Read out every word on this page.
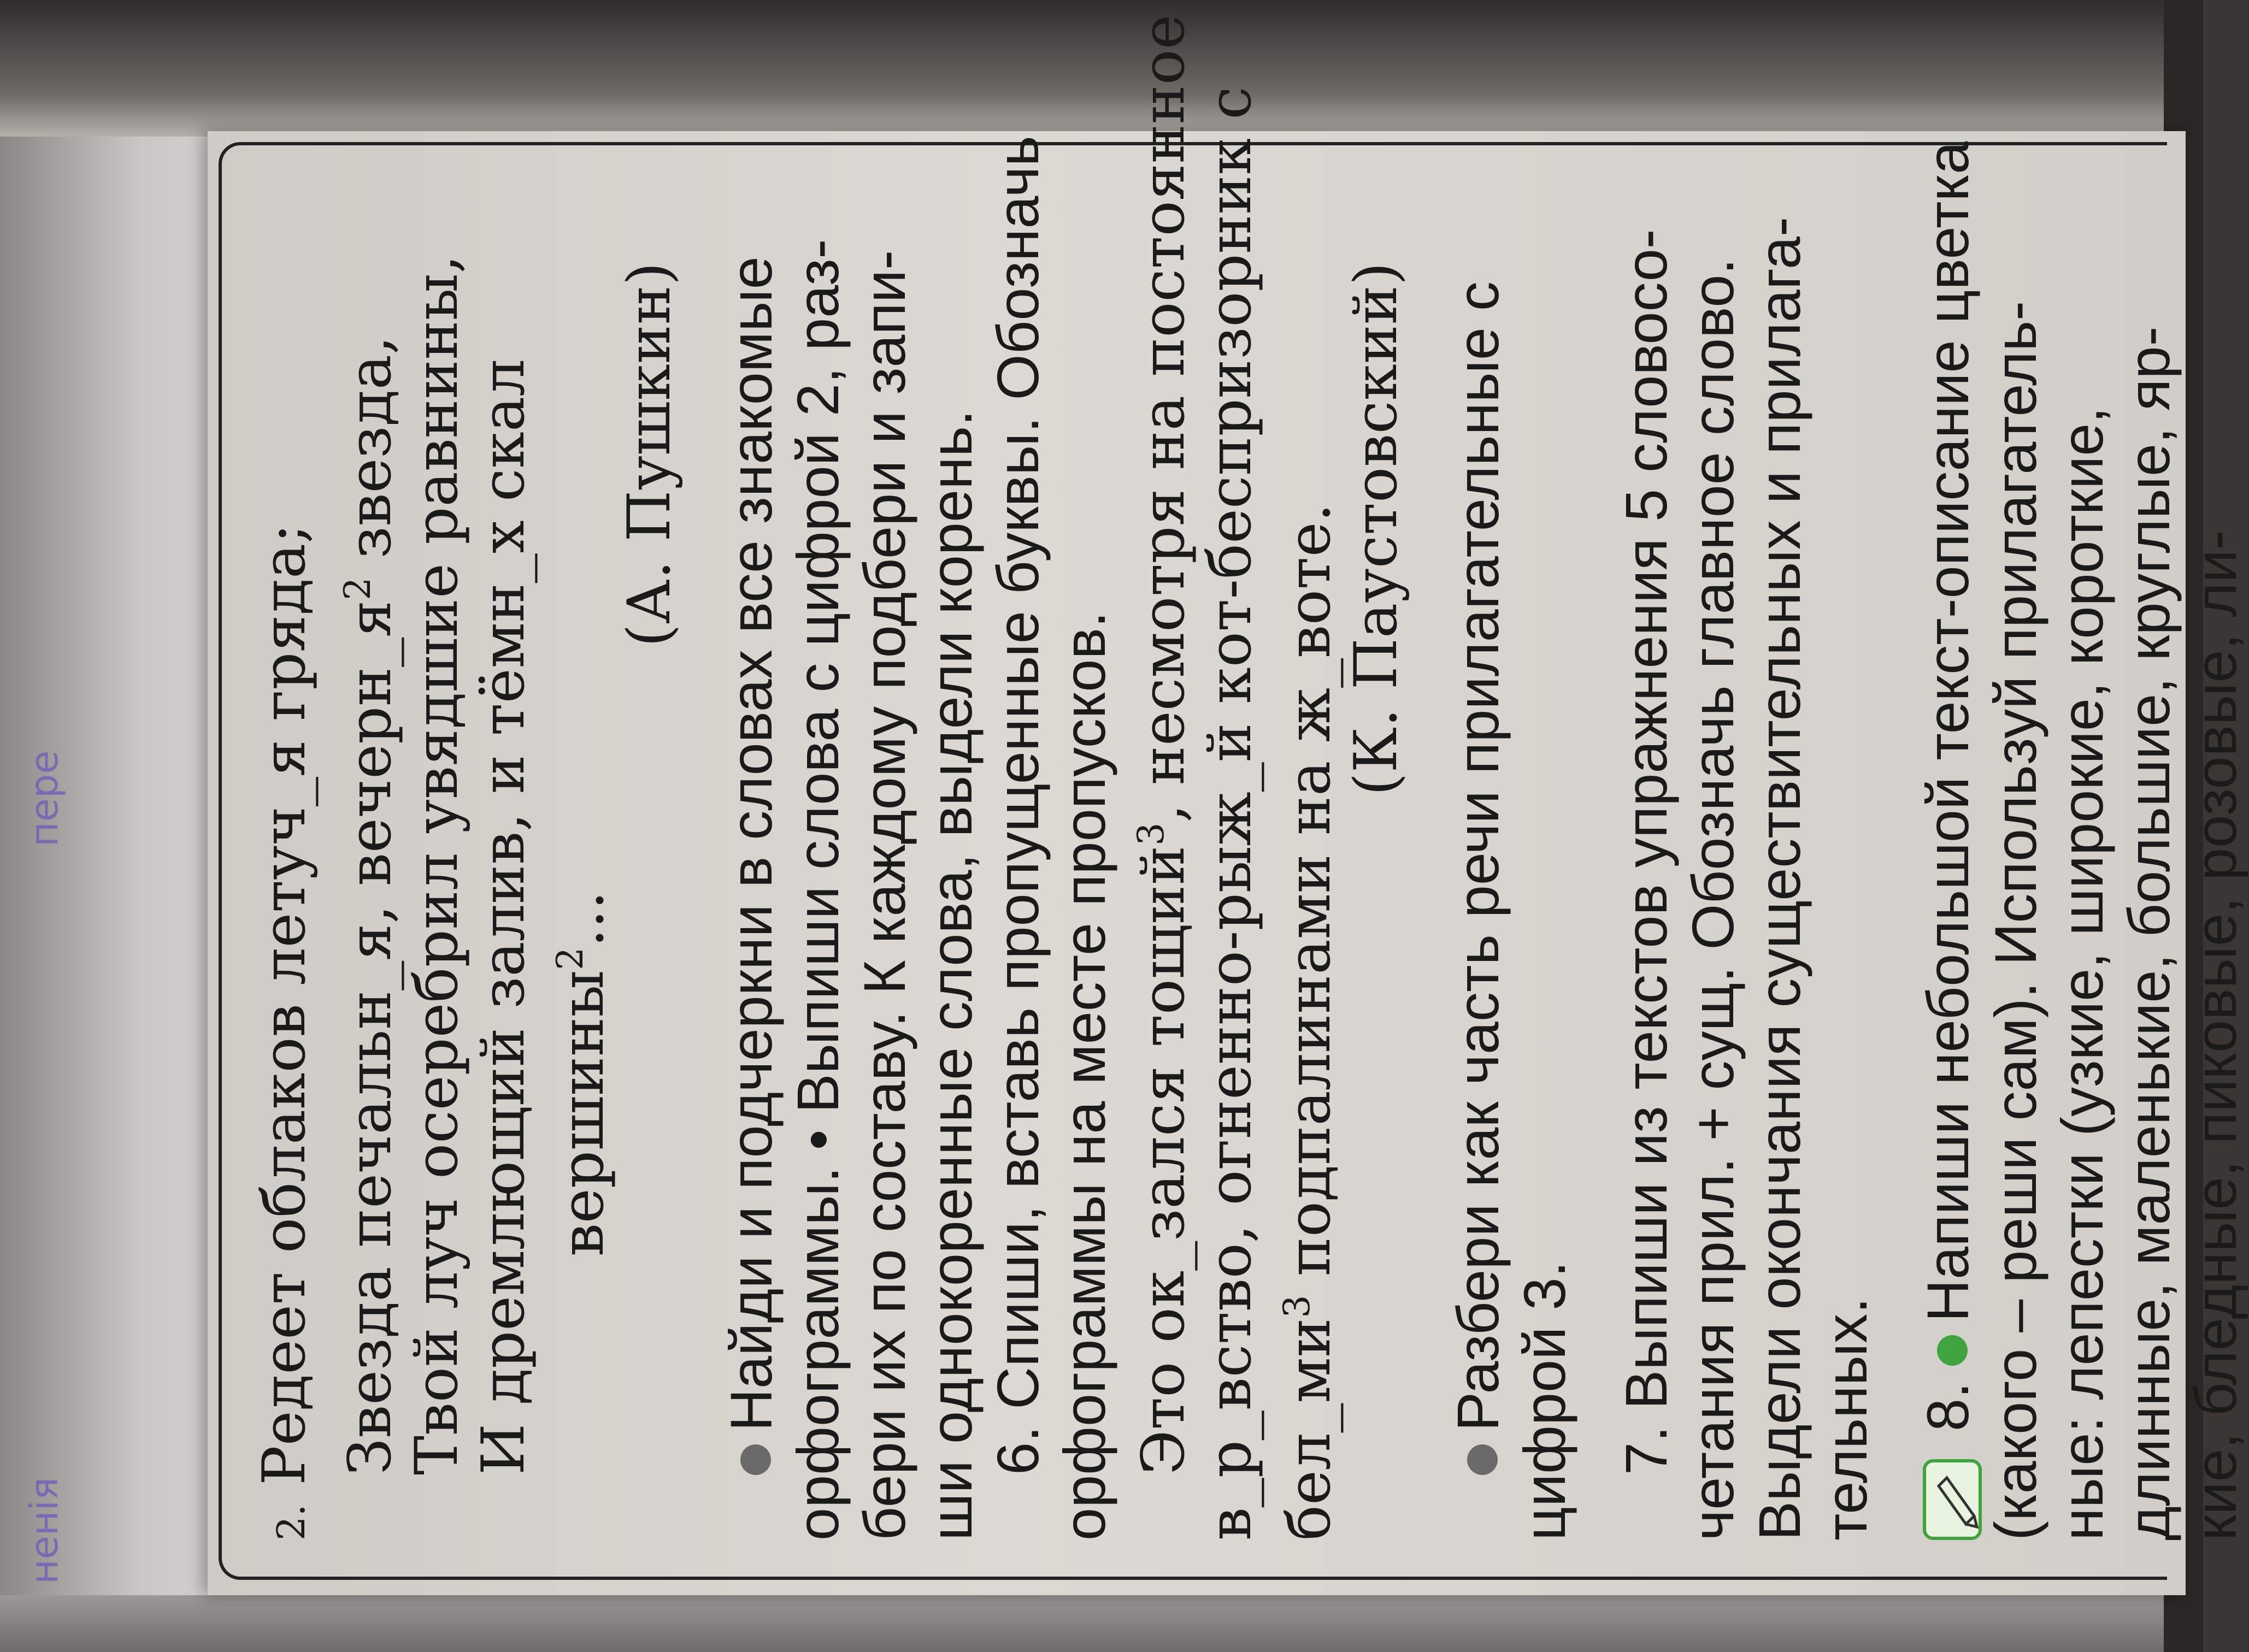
ненія
пере
2. Редеет облаков летуч_я гряда; Звезда печальн_я, $вечерн\_я^2$ звезда,
Твой луч осеребрил увядшие равнины,
И дремлющий залив, и тёмн_х скал вершины$^2$...
(А. Пушкин) Найди и подчеркни в словах все знакомые орфограммы. • Выпиши слова с цифрой 2, раз- бери их по составу. К каждому подбери и запи- ши однокоренные слова, выдели корень. 6. Спиши, вставь пропущенные буквы. Обозначь орфограммы на месте пропусков. Это ок_зался тощий$^3$, несмотря на постоянное
в_р_вство, огненно-рыж_й кот-беспризорник с $бел\_ми^3$ подпалинами на ж_воте.
(К. Паустовский) Разбери как часть речи прилагательные с цифрой 3. 7. Выпиши из текстов упражнения 5 словосо- четания прил. + сущ. Обозначь главное слово. Выдели окончания существительных и прилага- тельных. 8. Напиши небольшой текст-описание цветка (какого – реши сам). Используй прилагатель- ные: лепестки (узкие, широкие, короткие, длинные, маленькие, большие, круглые, яр- кие, бледные, пиковые, розовые, ли-
